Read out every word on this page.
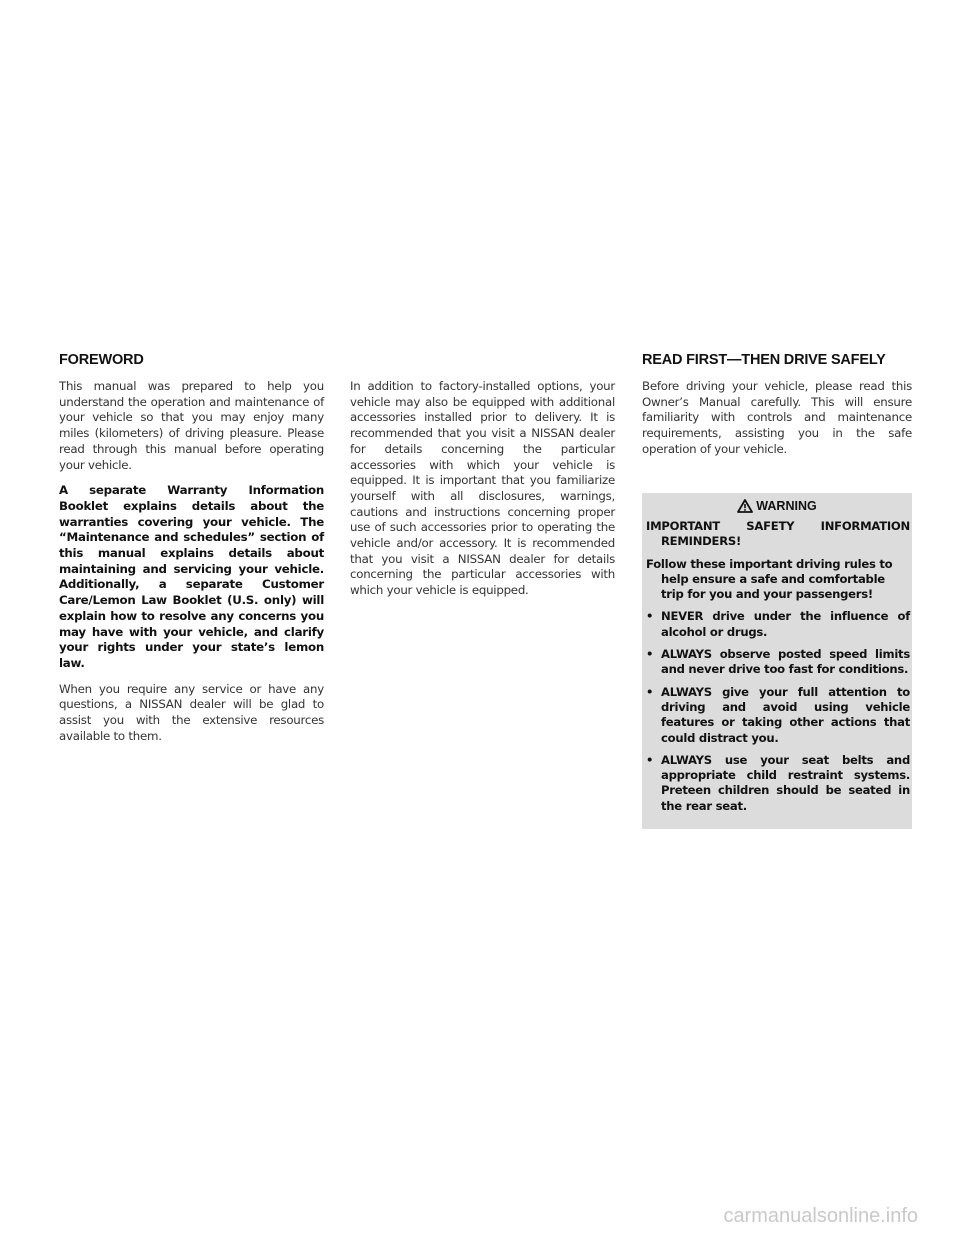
FOREWORD	READ FIRST—THEN DRIVE SAFELY

This manual was prepared to help you understand the operation and maintenance of your vehicle so that you may enjoy many miles (kilometers) of driving pleasure. Please read through this manual before operating your vehicle.

A separate Warranty Information Booklet explains details about the warranties covering your vehicle. The “Maintenance and schedules” section of this manual explains details about maintaining and servicing your vehicle. Additionally, a separate Customer Care/Lemon Law Booklet (U.S. only) will explain how to resolve any concerns you may have with your vehicle, and clarify your rights under your state’s lemon law.

When you require any service or have any questions, a NISSAN dealer will be glad to assist you with the extensive resources available to them.

In addition to factory-installed options, your vehicle may also be equipped with additional accessories installed prior to delivery. It is recommended that you visit a NISSAN dealer for details concerning the particular accessories with which your vehicle is equipped. It is important that you familiarize yourself with all disclosures, warnings, cautions and instructions concerning proper use of such accessories prior to operating the vehicle and/or accessory. It is recommended that you visit a NISSAN dealer for details concerning the particular accessories with which your vehicle is equipped.

Before driving your vehicle, please read this Owner’s Manual carefully. This will ensure familiarity with controls and maintenance requirements, assisting you in the safe operation of your vehicle.

WARNING

IMPORTANT SAFETY INFORMATION REMINDERS!

Follow these important driving rules to help ensure a safe and comfortable trip for you and your passengers!

• NEVER drive under the influence of alcohol or drugs.
• ALWAYS observe posted speed limits and never drive too fast for conditions.
• ALWAYS give your full attention to driving and avoid using vehicle features or taking other actions that could distract you.
• ALWAYS use your seat belts and appropriate child restraint systems. Preteen children should be seated in the rear seat.
carmanualsonline.info
